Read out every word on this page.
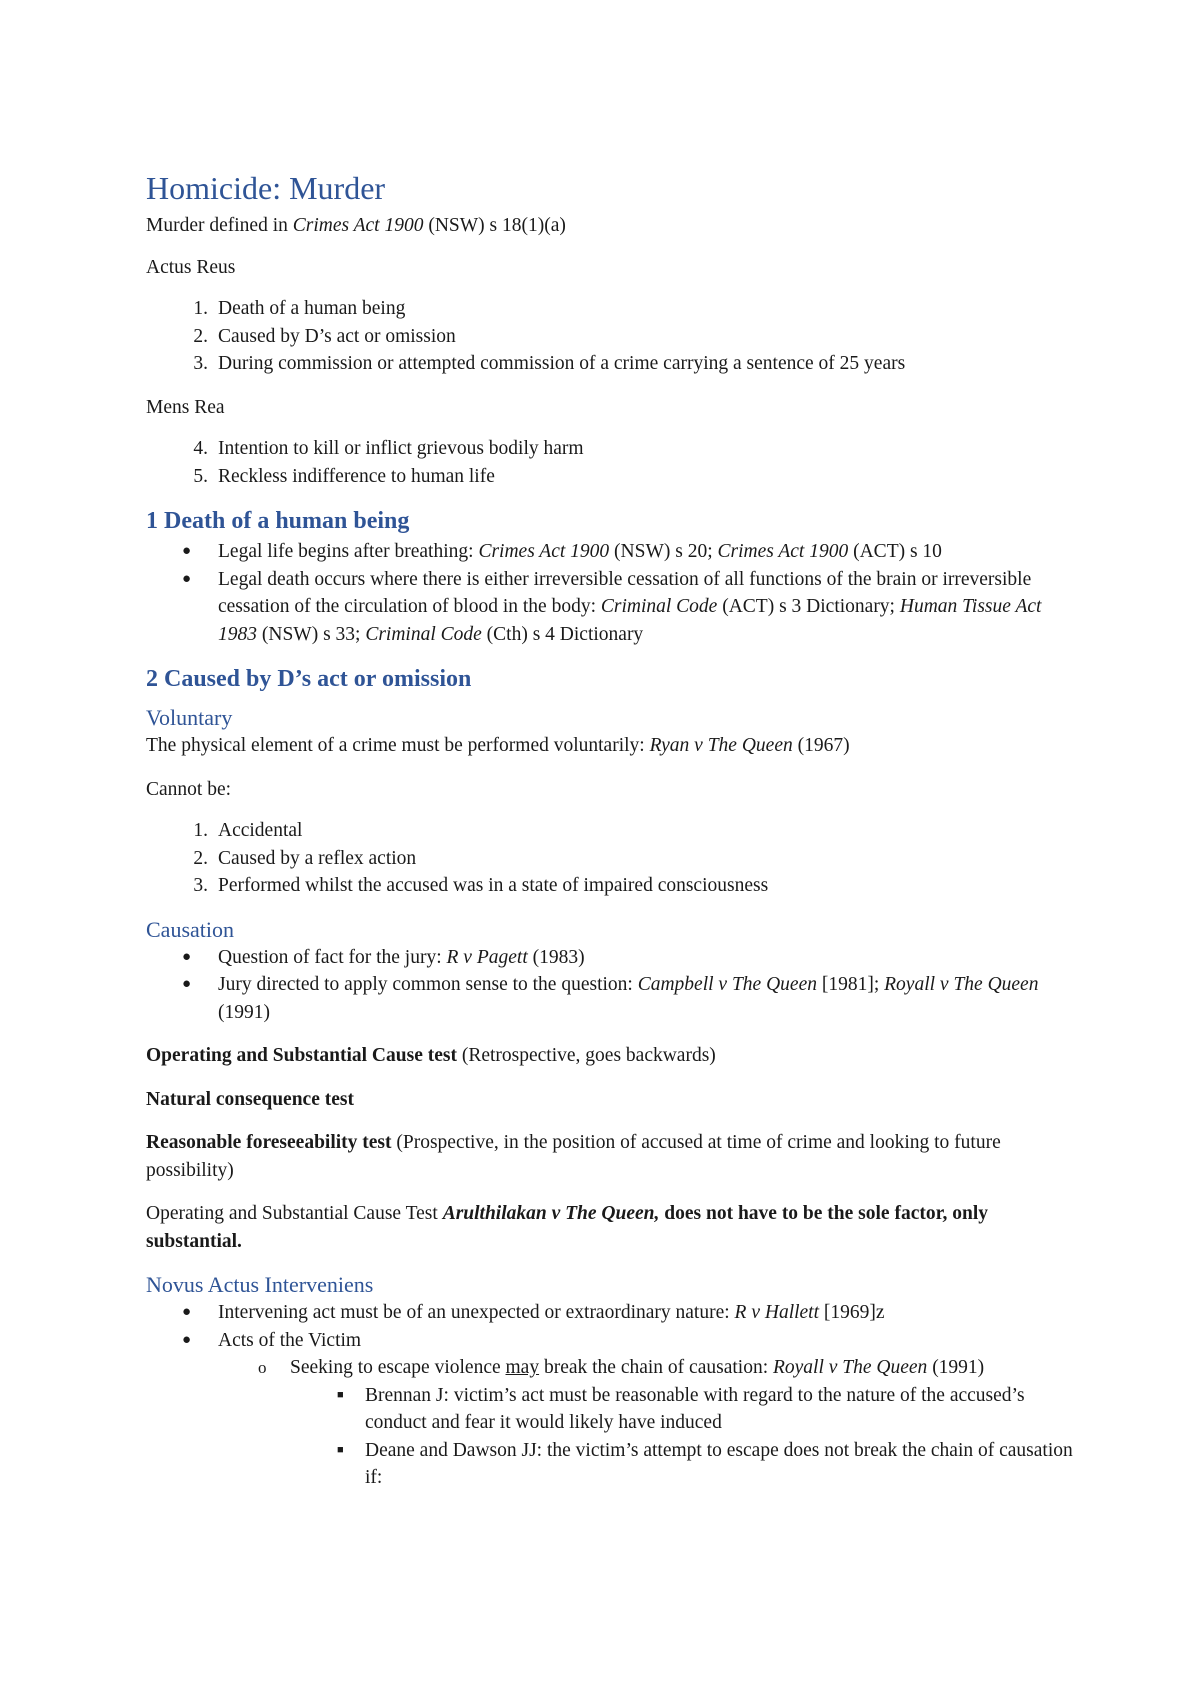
Homicide: Murder

Murder defined in Crimes Act 1900 (NSW) s 18(1)(a)

Actus Reus

1. Death of a human being
2. Caused by D’s act or omission
3. During commission or attempted commission of a crime carrying a sentence of 25 years

Mens Rea

4. Intention to kill or inflict grievous bodily harm
5. Reckless indifference to human life
1 Death of a human being
● Legal life begins after breathing: Crimes Act 1900 (NSW) s 20; Crimes Act 1900 (ACT) s 10
● Legal death occurs where there is either irreversible cessation of all functions of the brain or irreversible cessation of the circulation of blood in the body: Criminal Code (ACT) s 3 Dictionary; Human Tissue Act 1983 (NSW) s 33; Criminal Code (Cth) s 4 Dictionary
2 Caused by D’s act or omission
Voluntary

The physical element of a crime must be performed voluntarily: Ryan v The Queen (1967)

Cannot be:

1. Accidental
2. Caused by a reflex action
3. Performed whilst the accused was in a state of impaired consciousness
Causation
● Question of fact for the jury: R v Pagett (1983)
● Jury directed to apply common sense to the question: Campbell v The Queen [1981]; Royall v The Queen (1991)

Operating and Substantial Cause test (Retrospective, goes backwards)

Natural consequence test

Reasonable foreseeability test (Prospective, in the position of accused at time of crime and looking to future possibility)

Operating and Substantial Cause Test Arulthilakan v The Queen, does not have to be the sole factor, only substantial.

Novus Actus Interveniens
● Intervening act must be of an unexpected or extraordinary nature: R v Hallett [1969]z
● Acts of the Victim
o Seeking to escape violence may break the chain of causation: Royall v The Queen (1991)
■ Brennan J: victim’s act must be reasonable with regard to the nature of the accused’s conduct and fear it would likely have induced
■ Deane and Dawson JJ: the victim’s attempt to escape does not break the chain of causation if:
